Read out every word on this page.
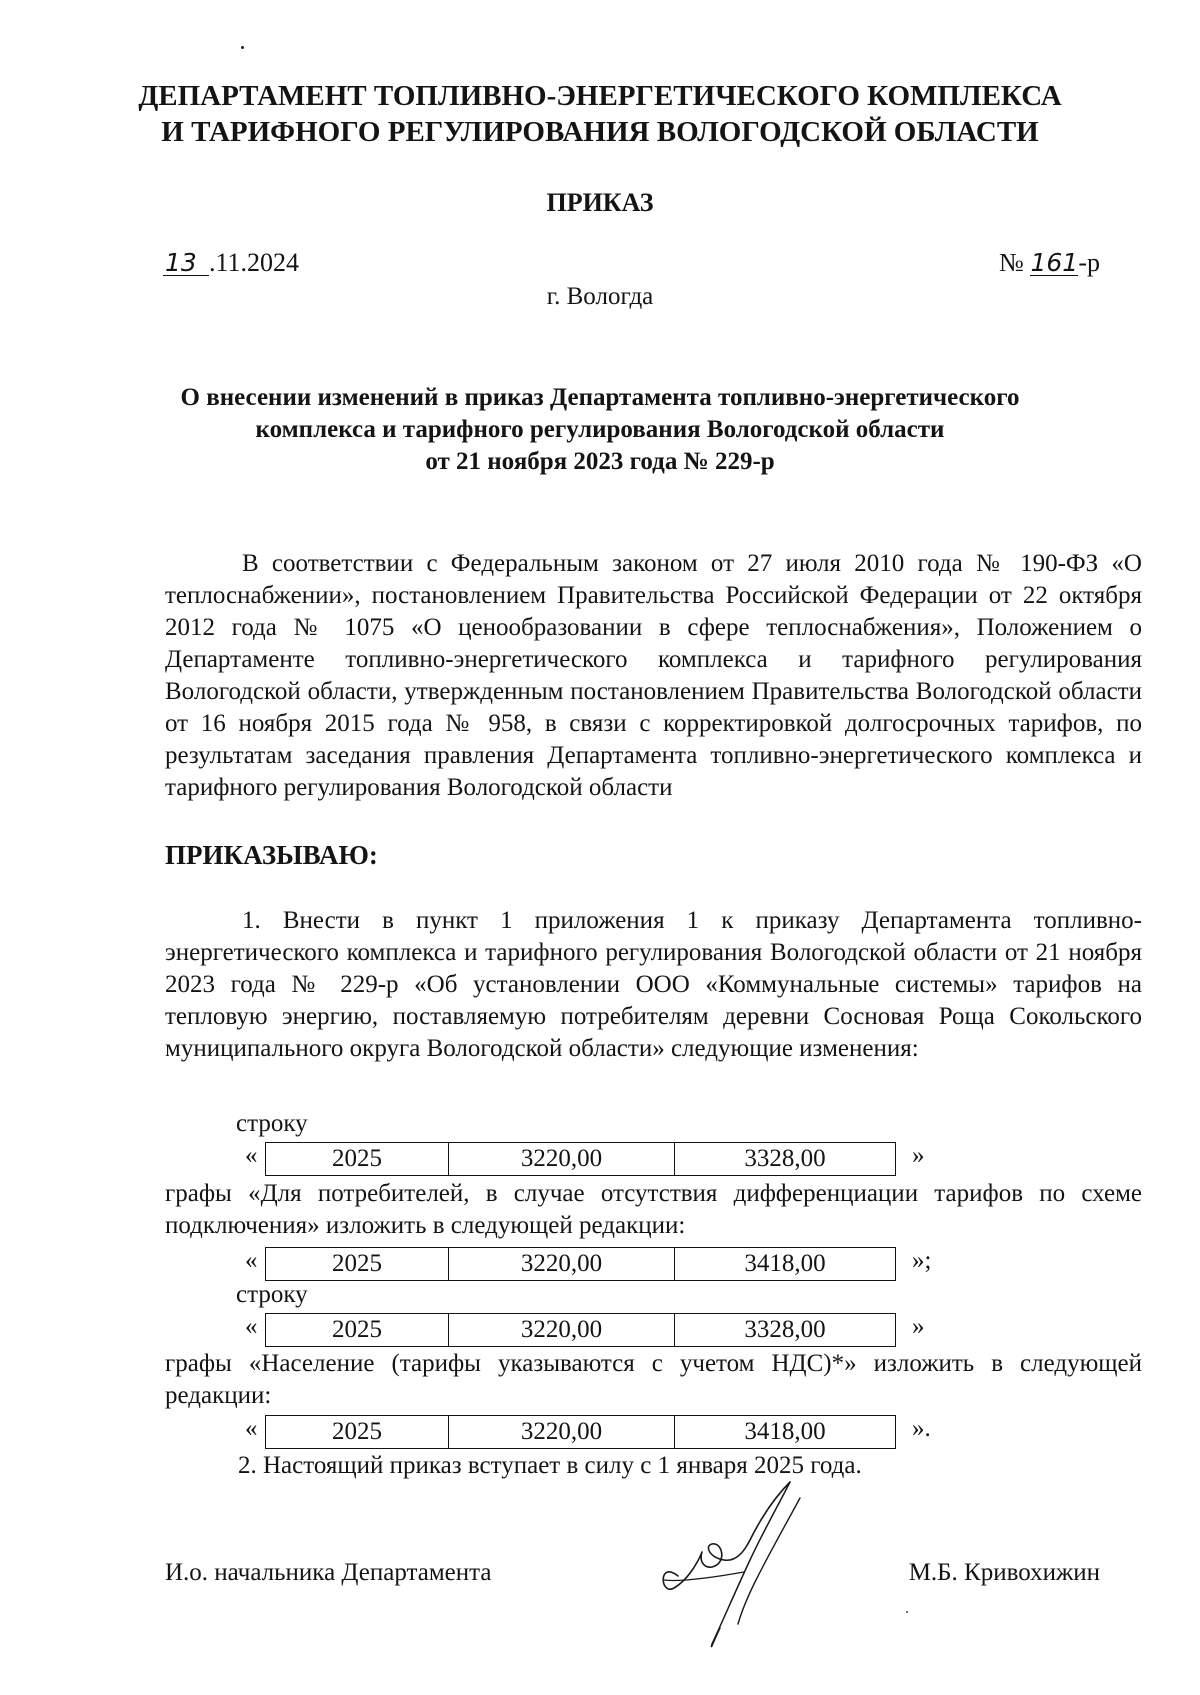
ДЕПАРТАМЕНТ ТОПЛИВНО-ЭНЕРГЕТИЧЕСКОГО КОМПЛЕКСА
И ТАРИФНОГО РЕГУЛИРОВАНИЯ ВОЛОГОДСКОЙ ОБЛАСТИ
ПРИКАЗ
13 .11.2024	№ 161-р
г. Вологда
О внесении изменений в приказ Департамента топливно-энергетического
комплекса и тарифного регулирования Вологодской области
от 21 ноября 2023 года № 229-р

В соответствии с Федеральным законом от 27 июля 2010 года № 190-ФЗ «О теплоснабжении», постановлением Правительства Российской Федерации от 22 октября 2012 года № 1075 «О ценообразовании в сфере теплоснабжения», Положением о Департаменте топливно-энергетического комплекса и тарифного регулирования Вологодской области, утвержденным постановлением Правительства Вологодской области от 16 ноября 2015 года № 958, в связи с корректировкой долгосрочных тарифов, по результатам заседания правления Департамента топливно-энергетического комплекса и тарифного регулирования Вологодской области

ПРИКАЗЫВАЮ:

1. Внести в пункт 1 приложения 1 к приказу Департамента топливно-энергетического комплекса и тарифного регулирования Вологодской области от 21 ноября 2023 года № 229-р «Об установлении ООО «Коммунальные системы» тарифов на тепловую энергию, поставляемую потребителям деревни Сосновая Роща Сокольского муниципального округа Вологодской области» следующие изменения:

строку
«	2025	3220,00	3328,00	»

графы «Для потребителей, в случае отсутствия дифференциации тарифов по схеме подключения» изложить в следующей редакции:

«	2025	3220,00	3418,00	»;
строку
«	2025	3220,00	3328,00	»

графы «Население (тарифы указываются с учетом НДС)*» изложить в следующей редакции:

«	2025	3220,00	3418,00	».
2. Настоящий приказ вступает в силу с 1 января 2025 года.
И.о. начальника Департамента	М.Б. Кривохижин
